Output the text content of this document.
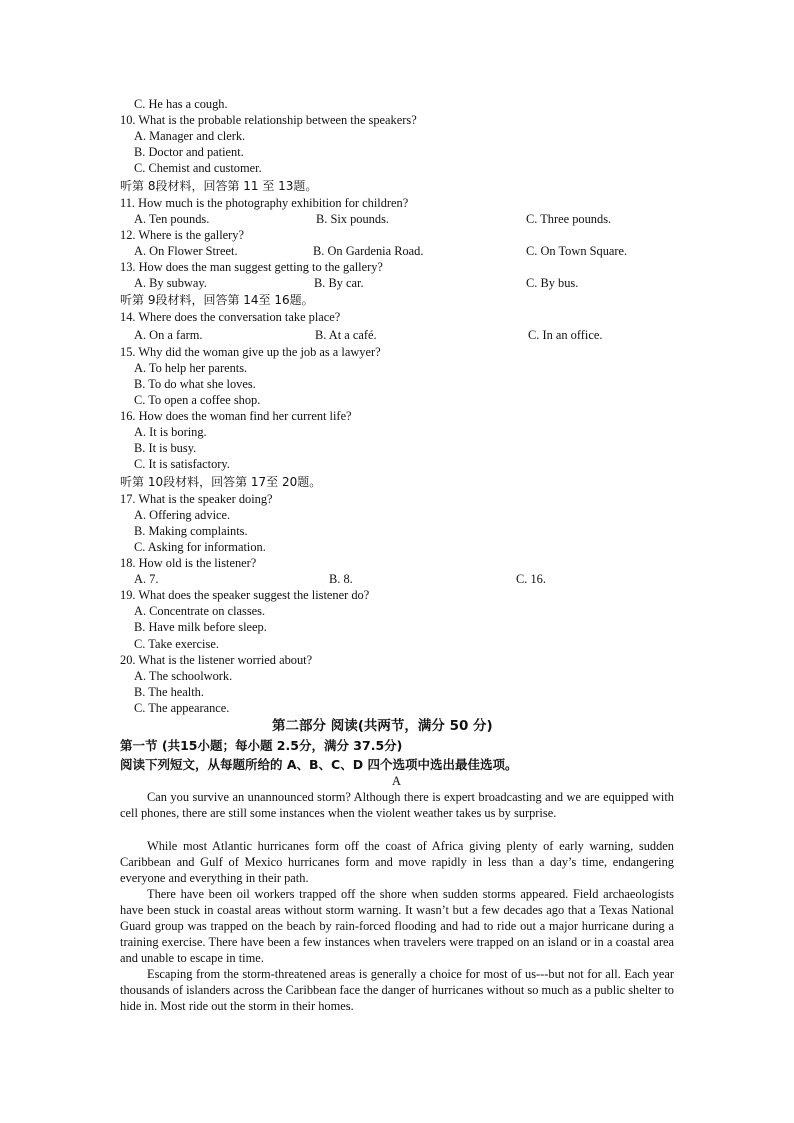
C. He has a cough.
10. What is the probable relationship between the speakers?
A. Manager and clerk.
B. Doctor and patient.
C. Chemist and customer.
听第 8段材料，回答第 11 至 13题。
11. How much is the photography exhibition for children?
A. Ten pounds.	B. Six pounds.	C. Three pounds.
12. Where is the gallery?
A. On Flower Street.	B. On Gardenia Road.	C. On Town Square.
13. How does the man suggest getting to the gallery?
A. By subway.	B. By car.	C. By bus.
听第 9段材料，回答第 14至 16题。
14. Where does the conversation take place?
A. On a farm.	B. At a café.	C. In an office.
15. Why did the woman give up the job as a lawyer?
A. To help her parents.
B. To do what she loves.
C. To open a coffee shop.
16. How does the woman find her current life?
A. It is boring.
B. It is busy.
C. It is satisfactory.
听第 10段材料，回答第 17至 20题。
17. What is the speaker doing?
A. Offering advice.
B. Making complaints.
C. Asking for information.
18. How old is the listener?
A. 7.	B. 8.	C. 16.
19. What does the speaker suggest the listener do?
A. Concentrate on classes.
B. Have milk before sleep.
C. Take exercise.
20. What is the listener worried about?
A. The schoolwork.
B. The health.
C. The appearance.
第二部分 阅读(共两节，满分 50 分)
第一节 (共15小题；每小题 2.5分，满分 37.5分)
阅读下列短文，从每题所给的 A、B、C、D 四个选项中选出最佳选项。
A
Can you survive an unannounced storm? Although there is expert broadcasting and we are equipped with cell phones, there are still some instances when the violent weather takes us by surprise.
While most Atlantic hurricanes form off the coast of Africa giving plenty of early warning, sudden Caribbean and Gulf of Mexico hurricanes form and move rapidly in less than a day’s time, endangering everyone and everything in their path.
There have been oil workers trapped off the shore when sudden storms appeared. Field archaeologists have been stuck in coastal areas without storm warning. It wasn’t but a few decades ago that a Texas National Guard group was trapped on the beach by rain-forced flooding and had to ride out a major hurricane during a training exercise. There have been a few instances when travelers were trapped on an island or in a coastal area and unable to escape in time.
Escaping from the storm-threatened areas is generally a choice for most of us---but not for all. Each year thousands of islanders across the Caribbean face the danger of hurricanes without so much as a public shelter to hide in. Most ride out the storm in their homes.
